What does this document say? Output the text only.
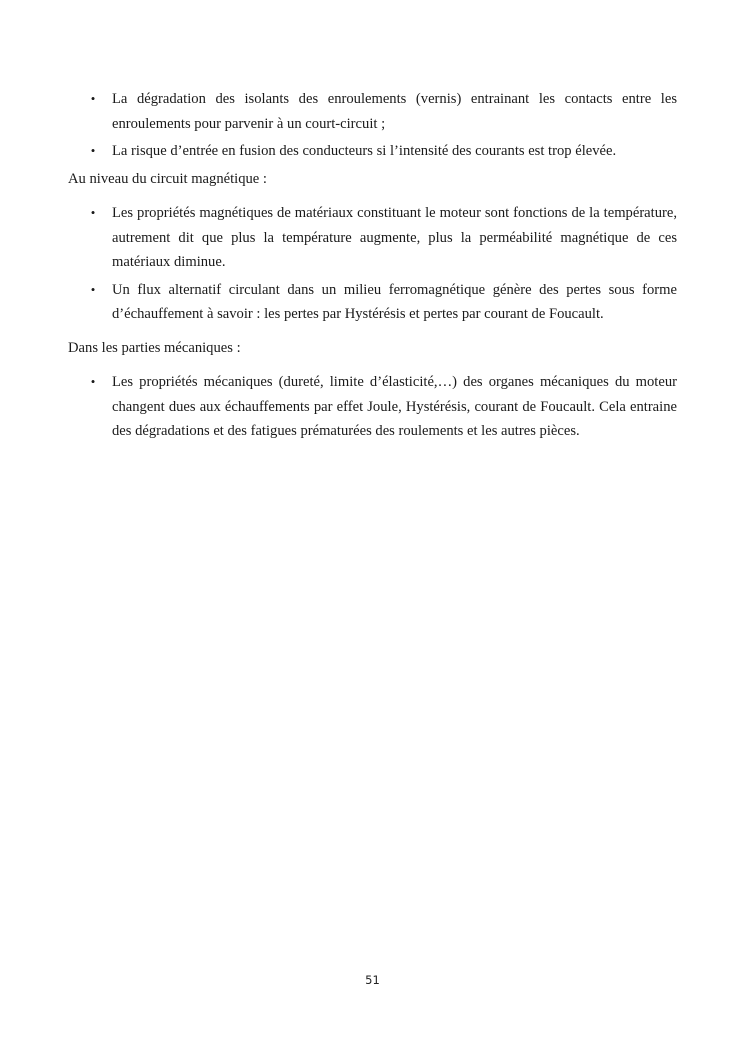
• La dégradation des isolants des enroulements (vernis) entrainant les contacts entre les enroulements pour parvenir à un court-circuit ;
• La risque d’entrée en fusion des conducteurs si l’intensité des courants est trop élevée.
Au niveau du circuit magnétique :
• Les propriétés magnétiques de matériaux constituant le moteur sont fonctions de la température, autrement dit que plus la température augmente, plus la perméabilité magnétique de ces matériaux diminue.
• Un flux alternatif circulant dans un milieu ferromagnétique génère des pertes sous forme d’échauffement à savoir : les pertes par Hystérésis et pertes par courant de Foucault.
Dans les parties mécaniques :
• Les propriétés mécaniques (dureté, limite d’élasticité,…) des organes mécaniques du moteur changent dues aux échauffements par effet Joule, Hystérésis, courant de Foucault. Cela entraine des dégradations et des fatigues prématurées des roulements et les autres pièces.
51
